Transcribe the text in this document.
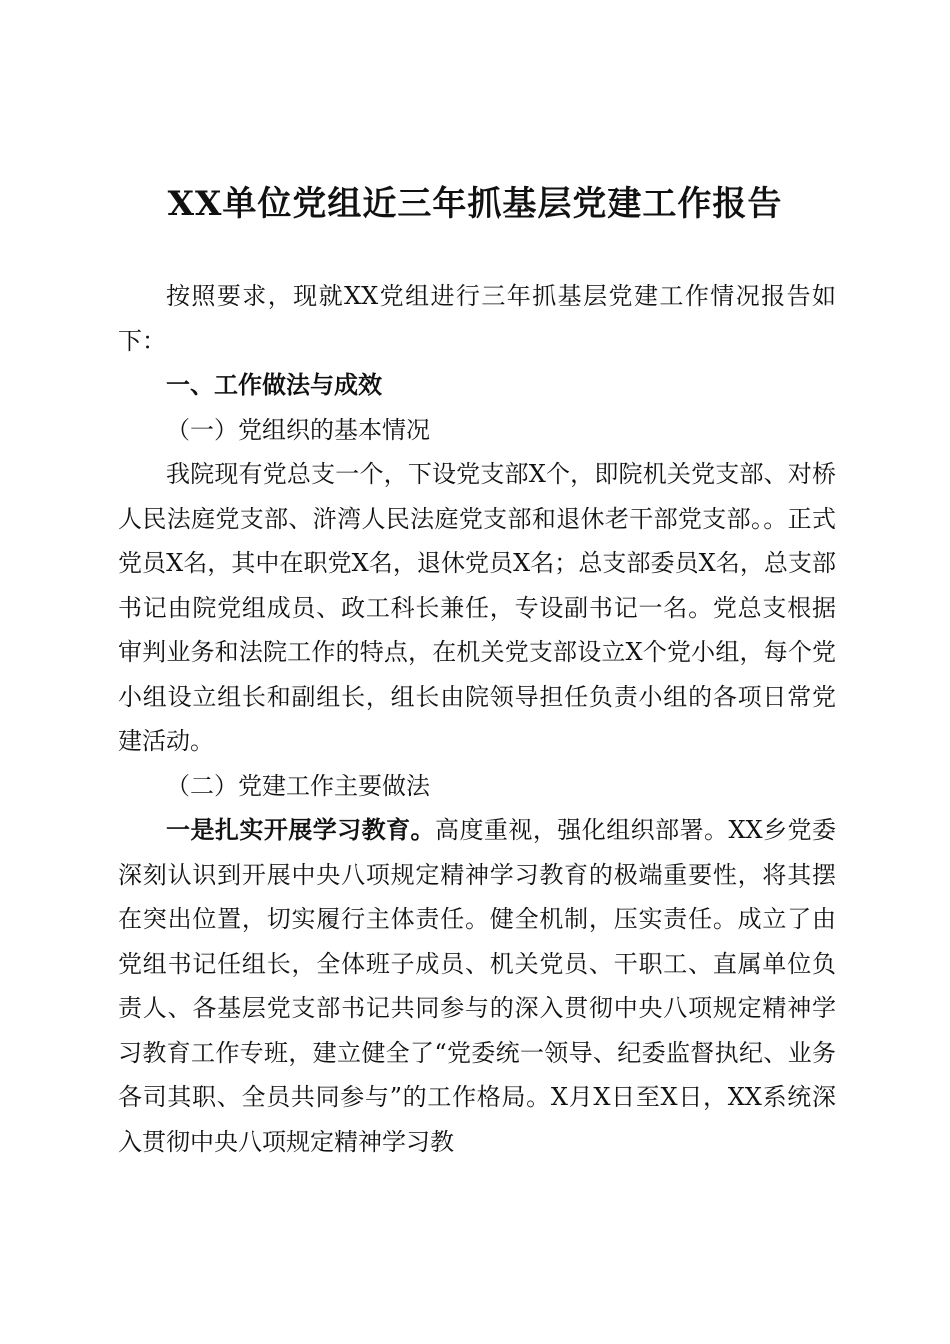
XX单位党组近三年抓基层党建工作报告

按照要求，现就XX党组进行三年抓基层党建工作情况报告如下：

一、工作做法与成效

（一）党组织的基本情况

我院现有党总支一个，下设党支部X个，即院机关党支部、对桥人民法庭党支部、浒湾人民法庭党支部和退休老干部党支部。。正式党员X名，其中在职党X名，退休党员X名；总支部委员X名，总支部书记由院党组成员、政工科长兼任，专设副书记一名。党总支根据审判业务和法院工作的特点，在机关党支部设立X个党小组，每个党小组设立组长和副组长，组长由院领导担任负责小组的各项日常党建活动。

（二）党建工作主要做法

一是扎实开展学习教育。高度重视，强化组织部署。XX乡党委深刻认识到开展中央八项规定精神学习教育的极端重要性，将其摆在突出位置，切实履行主体责任。健全机制，压实责任。成立了由党组书记任组长，全体班子成员、机关党员、干职工、直属单位负责人、各基层党支部书记共同参与的深入贯彻中央八项规定精神学习教育工作专班，建立健全了“党委统一领导、纪委监督执纪、业务各司其职、全员共同参与”的工作格局。X月X日至X日，XX系统深入贯彻中央八项规定精神学习教
